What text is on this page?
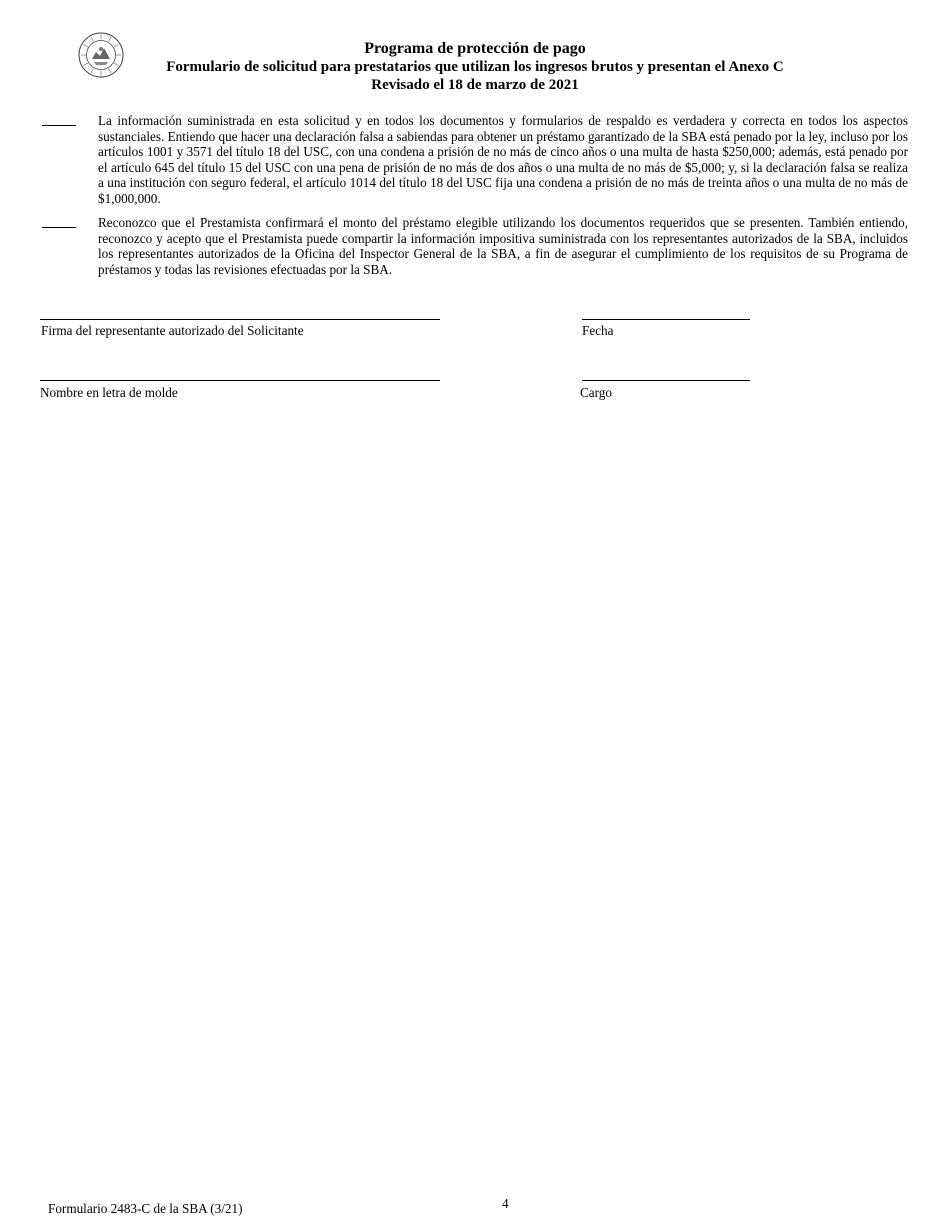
Programa de protección de pago
Formulario de solicitud para prestatarios que utilizan los ingresos brutos y presentan el Anexo C
Revisado el 18 de marzo de 2021
La información suministrada en esta solicitud y en todos los documentos y formularios de respaldo es verdadera y correcta en todos los aspectos sustanciales. Entiendo que hacer una declaración falsa a sabiendas para obtener un préstamo garantizado de la SBA está penado por la ley, incluso por los artículos 1001 y 3571 del título 18 del USC, con una condena a prisión de no más de cinco años o una multa de hasta $250,000; además, está penado por el artículo 645 del título 15 del USC con una pena de prisión de no más de dos años o una multa de no más de $5,000; y, si la declaración falsa se realiza a una institución con seguro federal, el artículo 1014 del título 18 del USC fija una condena a prisión de no más de treinta años o una multa de no más de $1,000,000.
Reconozco que el Prestamista confirmará el monto del préstamo elegible utilizando los documentos requeridos que se presenten. También entiendo, reconozco y acepto que el Prestamista puede compartir la información impositiva suministrada con los representantes autorizados de la SBA, incluidos los representantes autorizados de la Oficina del Inspector General de la SBA, a fin de asegurar el cumplimiento de los requisitos de su Programa de préstamos y todas las revisiones efectuadas por la SBA.
Firma del representante autorizado del Solicitante	Fecha
Nombre en letra de molde	Cargo
Formulario 2483-C de la SBA (3/21)	4
